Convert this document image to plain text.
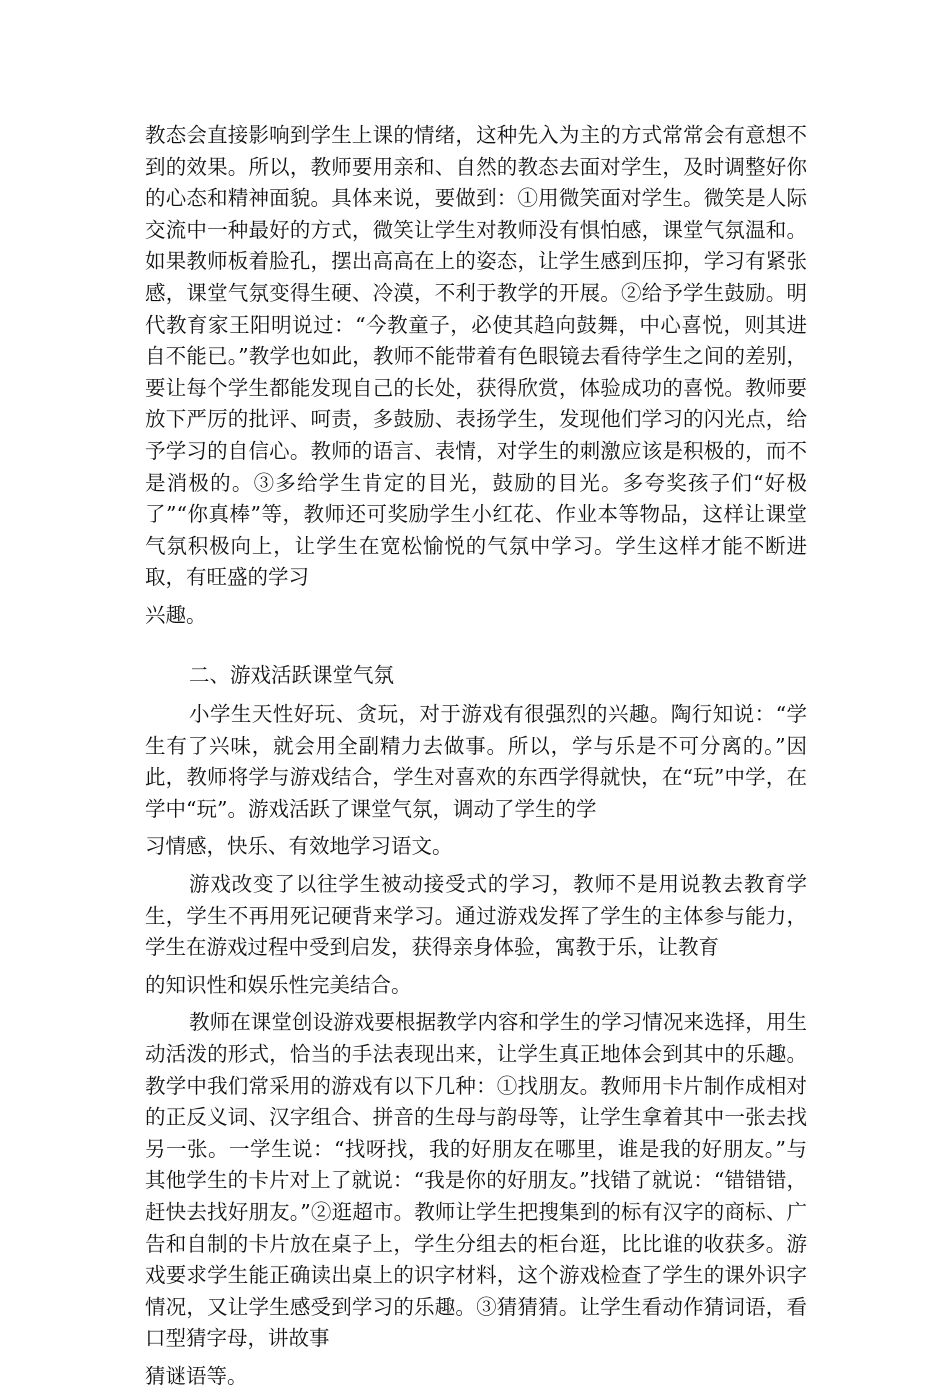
教态会直接影响到学生上课的情绪，这种先入为主的方式常常会有意想不到的效果。所以，教师要用亲和、自然的教态去面对学生，及时调整好你的心态和精神面貌。具体来说，要做到：①用微笑面对学生。微笑是人际交流中一种最好的方式，微笑让学生对教师没有惧怕感，课堂气氛温和。如果教师板着脸孔，摆出高高在上的姿态，让学生感到压抑，学习有紧张感，课堂气氛变得生硬、冷漠，不利于教学的开展。②给予学生鼓励。明代教育家王阳明说过：“今教童子，必使其趋向鼓舞，中心喜悦，则其进自不能已。”教学也如此，教师不能带着有色眼镜去看待学生之间的差别，要让每个学生都能发现自己的长处，获得欣赏，体验成功的喜悦。教师要放下严厉的批评、呵责，多鼓励、表扬学生，发现他们学习的闪光点，给予学习的自信心。教师的语言、表情，对学生的刺激应该是积极的，而不是消极的。③多给学生肯定的目光，鼓励的目光。多夸奖孩子们“好极了”“你真棒”等，教师还可奖励学生小红花、作业本等物品，这样让课堂气氛积极向上，让学生在宽松愉悦的气氛中学习。学生这样才能不断进取，有旺盛的学习

兴趣。

二、游戏活跃课堂气氛

小学生天性好玩、贪玩，对于游戏有很强烈的兴趣。陶行知说：“学生有了兴味，就会用全副精力去做事。所以，学与乐是不可分离的。”因此，教师将学与游戏结合，学生对喜欢的东西学得就快，在“玩”中学，在学中“玩”。游戏活跃了课堂气氛，调动了学生的学

习情感，快乐、有效地学习语文。

游戏改变了以往学生被动接受式的学习，教师不是用说教去教育学生，学生不再用死记硬背来学习。通过游戏发挥了学生的主体参与能力，学生在游戏过程中受到启发，获得亲身体验，寓教于乐，让教育

的知识性和娱乐性完美结合。

教师在课堂创设游戏要根据教学内容和学生的学习情况来选择，用生动活泼的形式，恰当的手法表现出来，让学生真正地体会到其中的乐趣。教学中我们常采用的游戏有以下几种：①找朋友。教师用卡片制作成相对的正反义词、汉字组合、拼音的生母与韵母等，让学生拿着其中一张去找另一张。一学生说：“找呀找，我的好朋友在哪里，谁是我的好朋友。”与其他学生的卡片对上了就说：“我是你的好朋友。”找错了就说：“错错错，赶快去找好朋友。”②逛超市。教师让学生把搜集到的标有汉字的商标、广告和自制的卡片放在桌子上，学生分组去的柜台逛，比比谁的收获多。游戏要求学生能正确读出桌上的识字材料，这个游戏检查了学生的课外识字情况，又让学生感受到学习的乐趣。③猜猜猜。让学生看动作猜词语，看口型猜字母，讲故事

猜谜语等。
